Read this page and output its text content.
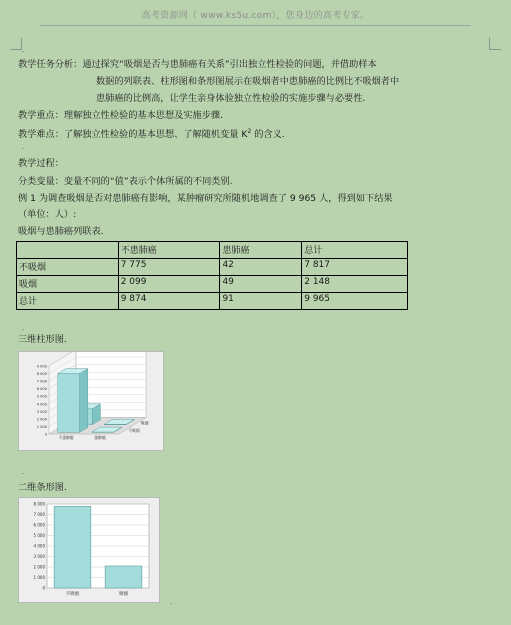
高考资源网（ www.ks5u.com），您身边的高考专家。
.
教学任务分析：通过探究“吸烟是否与患肺癌有关系”引出独立性检验的问题，并借助样本
数据的列联表、柱形图和条形图展示在吸烟者中患肺癌的比例比不吸烟者中
患肺癌的比例高，让学生亲身体验独立性检验的实施步骤与必要性.
教学重点：理解独立性检验的基本思想及实施步骤.
教学难点：了解独立性检验的基本思想、了解随机变量 $K^2$ 的含义.
.
教学过程：
分类变量：变量不同的“值”表示个体所属的不同类别.
例 1 为调查吸烟是否对患肺癌有影响，某肿瘤研究所随机地调查了 9 965 人，得到如下结果
（单位：人）:
吸烟与患肺癌列联表.
	不患肺癌	患肺癌	总计
不吸烟	7 775	42	7 817
吸烟	2 099	49	2 148
总计	9 874	91	9 965
.
三维柱形图.
0
1 000
2 000
3 000
4 000
5 000
6 000
7 000
8 000
9 000
不患肺癌	患肺癌
不吸烟
吸烟
.
二维条形图.
0
1 000
2 000
3 000
4 000
5 000
6 000
7 000
8 000
不吸烟	吸烟
.
